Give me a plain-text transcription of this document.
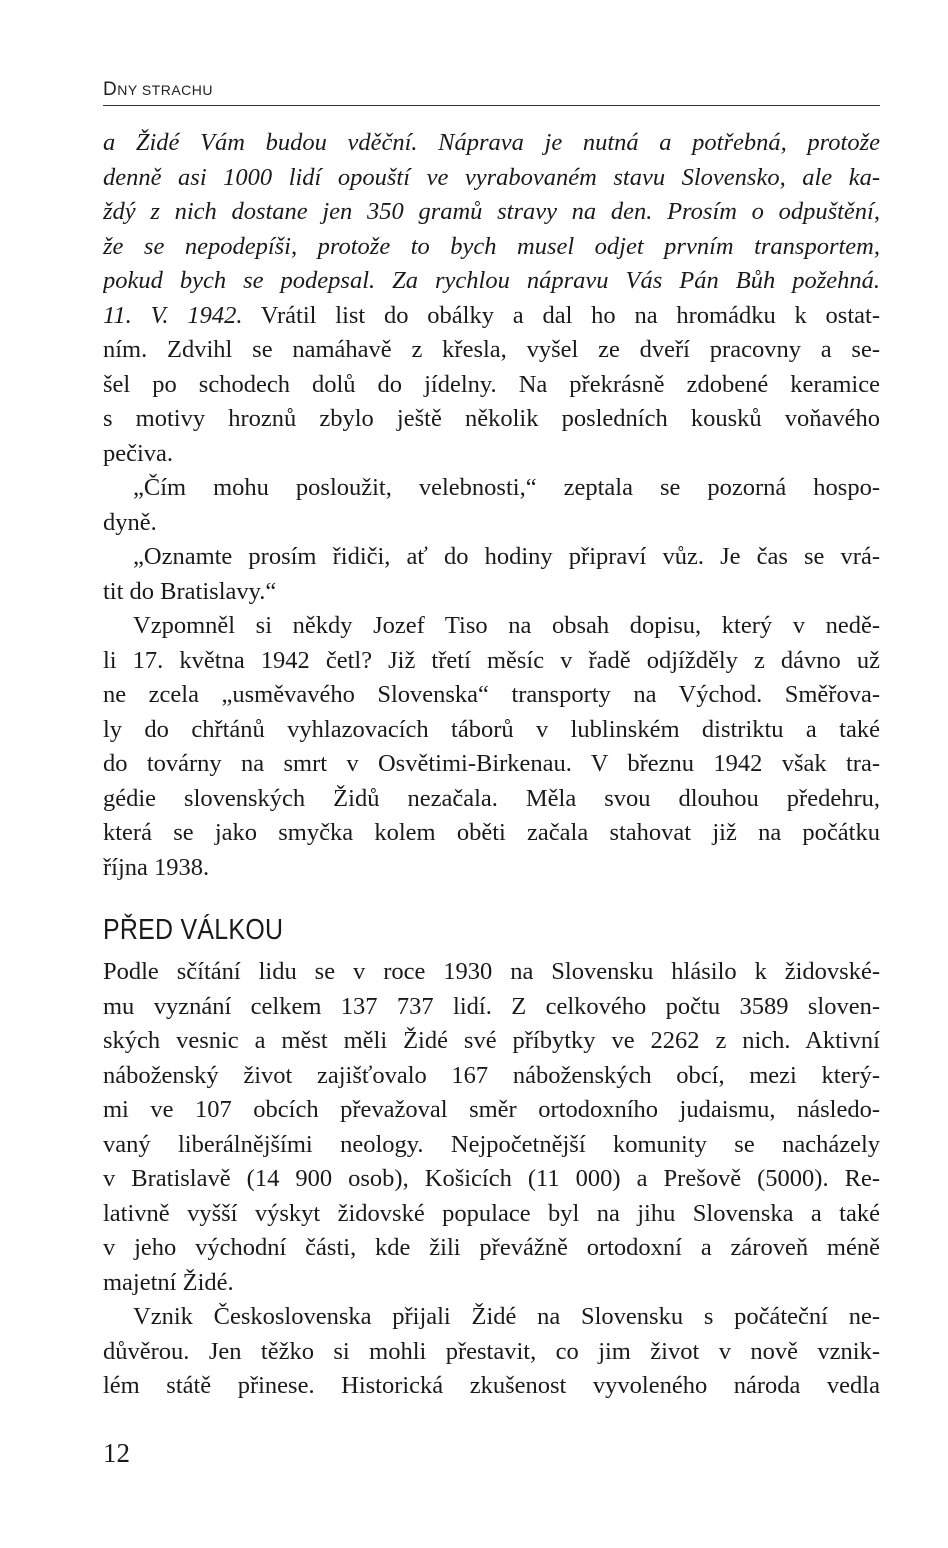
DNY STRACHU
a Židé Vám budou vděční. Náprava je nutná a potřebná, protože
denně asi 1000 lidí opouští ve vyrabovaném stavu Slovensko, ale ka-
ždý z nich dostane jen 350 gramů stravy na den. Prosím o odpuštění,
že se nepodepíši, protože to bych musel odjet prvním transportem,
pokud bych se podepsal. Za rychlou nápravu Vás Pán Bůh požehná.
11. V. 1942. Vrátil list do obálky a dal ho na hromádku k ostat-
ním. Zdvihl se namáhavě z křesla, vyšel ze dveří pracovny a se-
šel po schodech dolů do jídelny. Na překrásně zdobené keramice
s motivy hroznů zbylo ještě několik posledních kousků voňavého
pečiva.
„Čím mohu posloužit, velebnosti,“ zeptala se pozorná hospo-
dyně.
„Oznamte prosím řidiči, ať do hodiny připraví vůz. Je čas se vrá-
tit do Bratislavy.“
Vzpomněl si někdy Jozef Tiso na obsah dopisu, který v nedě-
li 17. května 1942 četl? Již třetí měsíc v řadě odjížděly z dávno už
ne zcela „usměvavého Slovenska“ transporty na Východ. Směřova-
ly do chřtánů vyhlazovacích táborů v lublinském distriktu a také
do továrny na smrt v Osvětimi-Birkenau. V březnu 1942 však tra-
gédie slovenských Židů nezačala. Měla svou dlouhou předehru,
která se jako smyčka kolem oběti začala stahovat již na počátku
října 1938.
PŘED VÁLKOU
Podle sčítání lidu se v roce 1930 na Slovensku hlásilo k židovské-
mu vyznání celkem 137 737 lidí. Z celkového počtu 3589 sloven-
ských vesnic a měst měli Židé své příbytky ve 2262 z nich. Aktivní
náboženský život zajišťovalo 167 náboženských obcí, mezi který-
mi ve 107 obcích převažoval směr ortodoxního judaismu, následo-
vaný liberálnějšími neology. Nejpočetnější komunity se nacházely
v Bratislavě (14 900 osob), Košicích (11 000) a Prešově (5000). Re-
lativně vyšší výskyt židovské populace byl na jihu Slovenska a také
v jeho východní části, kde žili převážně ortodoxní a zároveň méně
majetní Židé.
Vznik Československa přijali Židé na Slovensku s počáteční ne-
důvěrou. Jen těžko si mohli přestavit, co jim život v nově vznik-
lém státě přinese. Historická zkušenost vyvoleného národa vedla
12
